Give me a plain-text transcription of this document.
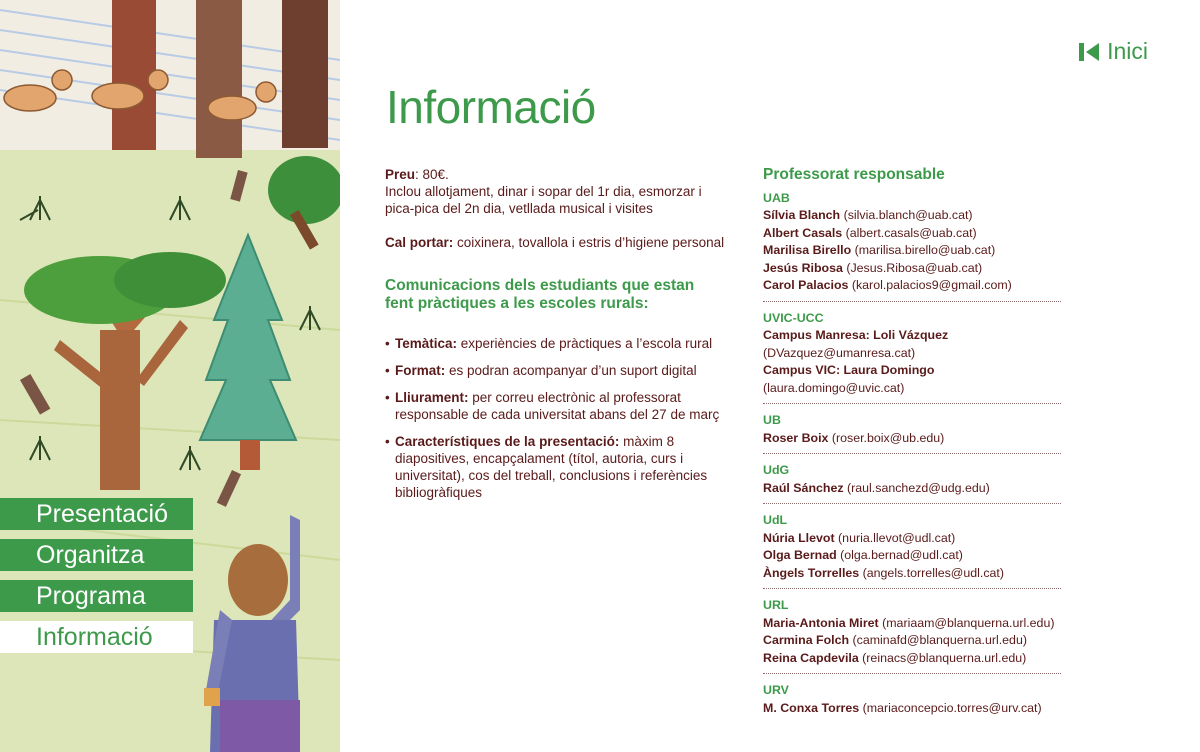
Presentació
Organitza
Programa
Informació
Inici
Informació

Preu: 80€.
Inclou allotjament, dinar i sopar del 1r dia, esmorzar i pica-pica del 2n dia, vetllada musical i visites

Cal portar: coixinera, tovallola i estris d’higiene personal

Comunicacions dels estudiants que estan fent pràctiques a les escoles rurals:
• Temàtica: experiències de pràctiques a l’escola rural
• Format: es podran acompanyar d’un suport digital
• Lliurament: per correu electrònic al professorat responsable de cada universitat abans del 27 de març
• Característiques de la presentació: màxim 8 diapositives, encapçalament (títol, autoria, curs i universitat), cos del treball, conclusions i referències bibliogràfiques
Professorat responsable
UAB
Sílvia Blanch (silvia.blanch@uab.cat)
Albert Casals (albert.casals@uab.cat)
Marilisa Birello (marilisa.birello@uab.cat)
Jesús Ribosa (Jesus.Ribosa@uab.cat)
Carol Palacios (karol.palacios9@gmail.com)
UVIC-UCC
Campus Manresa: Loli Vázquez (DVazquez@umanresa.cat)
Campus VIC: Laura Domingo (laura.domingo@uvic.cat)
UB
Roser Boix (roser.boix@ub.edu)
UdG
Raúl Sánchez (raul.sanchezd@udg.edu)
UdL
Núria Llevot (nuria.llevot@udl.cat)
Olga Bernad (olga.bernad@udl.cat)
Àngels Torrelles (angels.torrelles@udl.cat)
URL
Maria-Antonia Miret (mariaam@blanquerna.url.edu)
Carmina Folch (caminafd@blanquerna.url.edu)
Reina Capdevila (reinacs@blanquerna.url.edu)
URV
M. Conxa Torres (mariaconcepcio.torres@urv.cat)
